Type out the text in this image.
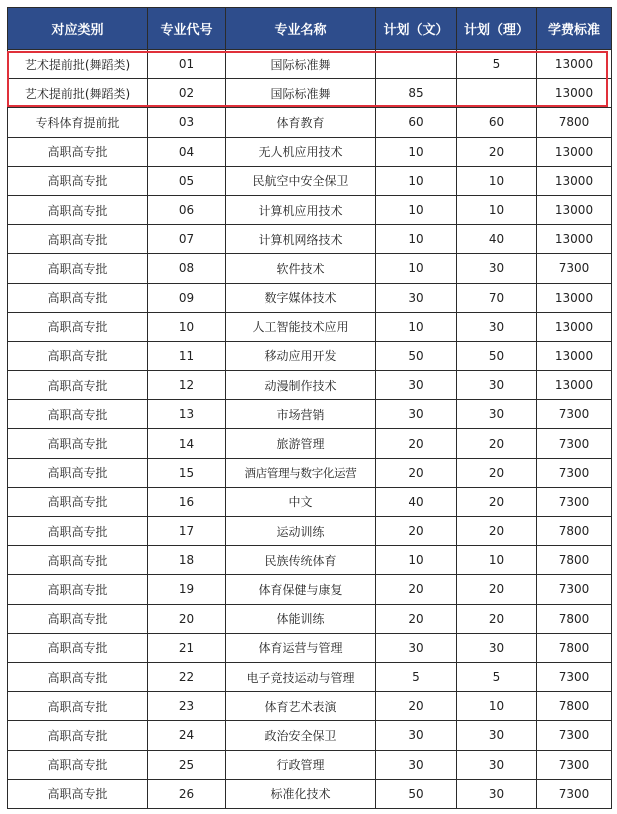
对应类别	专业代号	专业名称	计划（文）	计划（理）	学费标准
艺术提前批(舞蹈类)	01	国际标准舞		5	13000
艺术提前批(舞蹈类)	02	国际标准舞	85		13000
专科体育提前批	03	体育教育	60	60	7800
高职高专批	04	无人机应用技术	10	20	13000
高职高专批	05	民航空中安全保卫	10	10	13000
高职高专批	06	计算机应用技术	10	10	13000
高职高专批	07	计算机网络技术	10	40	13000
高职高专批	08	软件技术	10	30	7300
高职高专批	09	数字媒体技术	30	70	13000
高职高专批	10	人工智能技术应用	10	30	13000
高职高专批	11	移动应用开发	50	50	13000
高职高专批	12	动漫制作技术	30	30	13000
高职高专批	13	市场营销	30	30	7300
高职高专批	14	旅游管理	20	20	7300
高职高专批	15	酒店管理与数字化运营	20	20	7300
高职高专批	16	中文	40	20	7300
高职高专批	17	运动训练	20	20	7800
高职高专批	18	民族传统体育	10	10	7800
高职高专批	19	体育保健与康复	20	20	7300
高职高专批	20	体能训练	20	20	7800
高职高专批	21	体育运营与管理	30	30	7800
高职高专批	22	电子竞技运动与管理	5	5	7300
高职高专批	23	体育艺术表演	20	10	7800
高职高专批	24	政治安全保卫	30	30	7300
高职高专批	25	行政管理	30	30	7300
高职高专批	26	标准化技术	50	30	7300
